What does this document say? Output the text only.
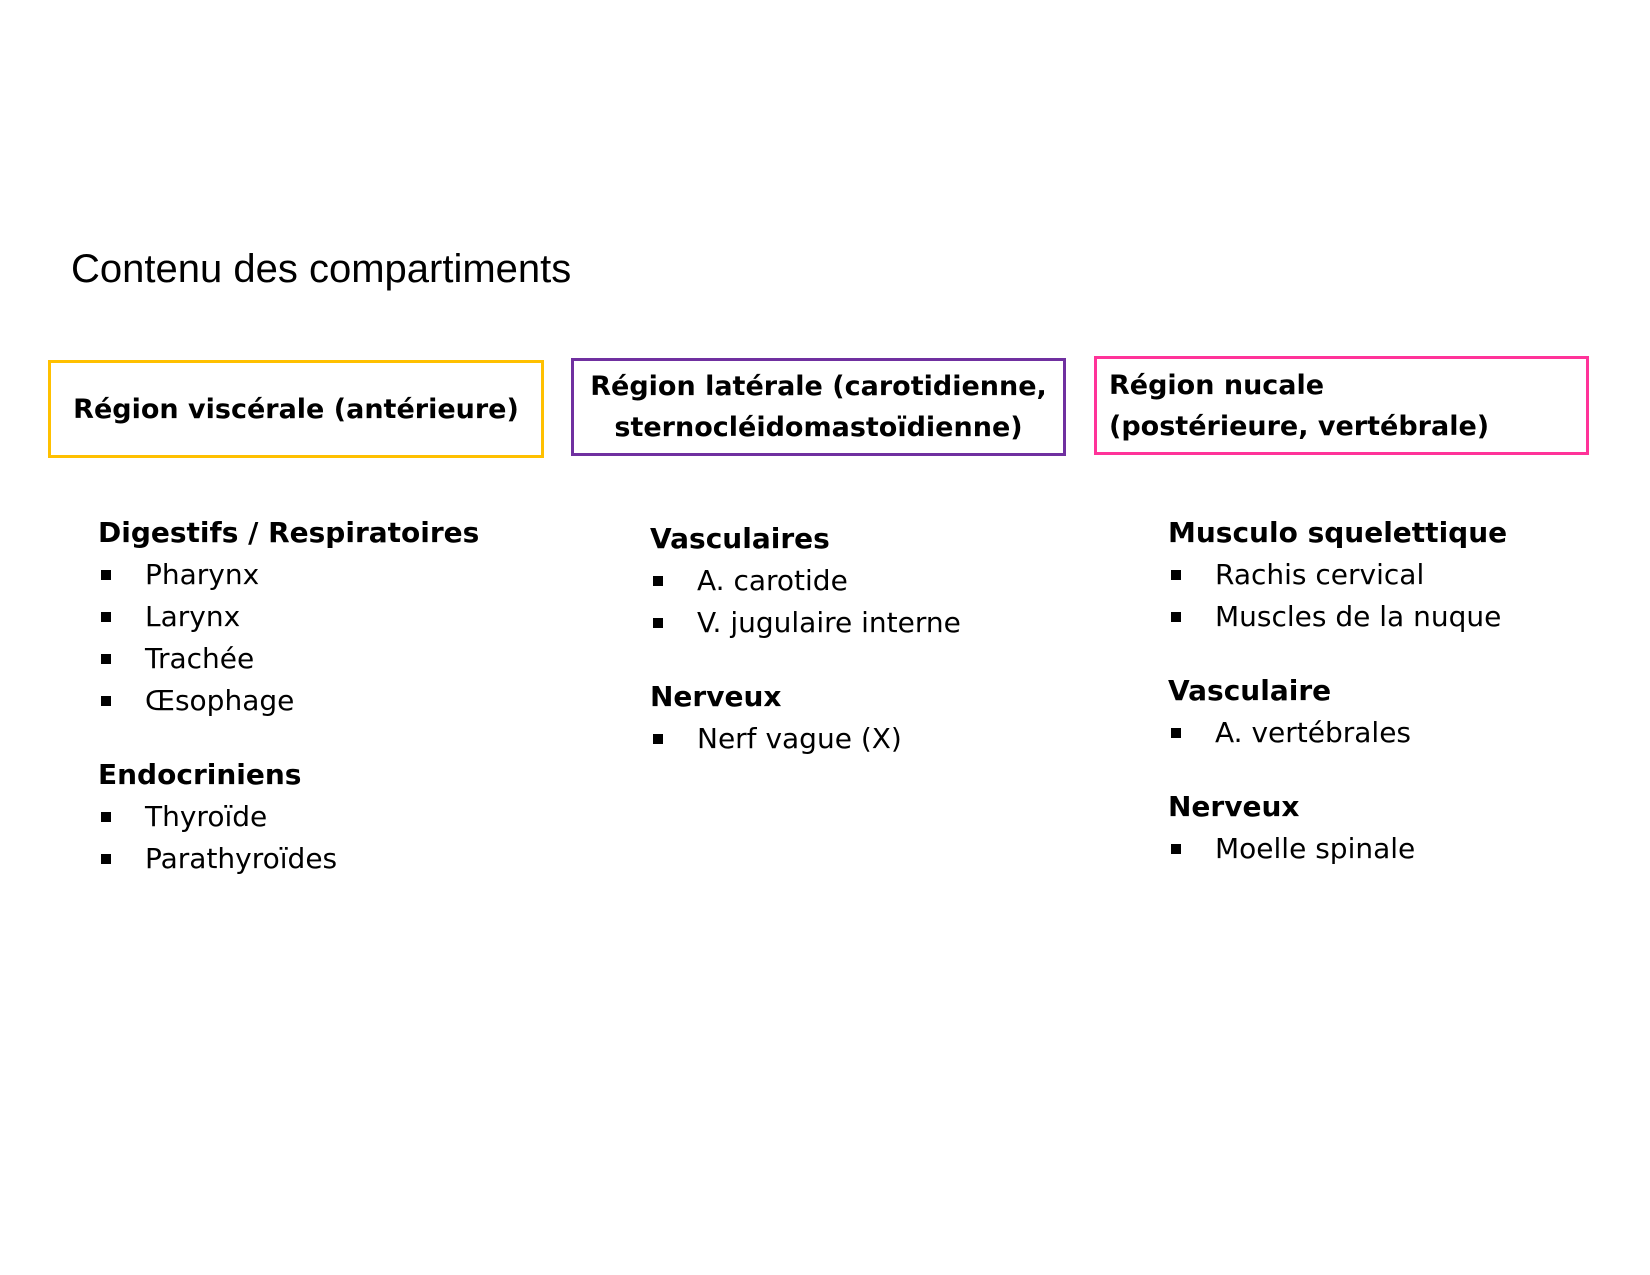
Contenu des compartiments
Région viscérale (antérieure)
Région latérale (carotidienne,
sternocléidomastoïdienne)
Région nucale
(postérieure, vertébrale)
Digestifs / Respiratoires
Pharynx
Larynx
Trachée
Œsophage
Endocriniens
Thyroïde
Parathyroïdes
Vasculaires
A. carotide
V. jugulaire interne
Nerveux
Nerf vague (X)
Musculo squelettique
Rachis cervical
Muscles de la nuque
Vasculaire
A. vertébrales
Nerveux
Moelle spinale
